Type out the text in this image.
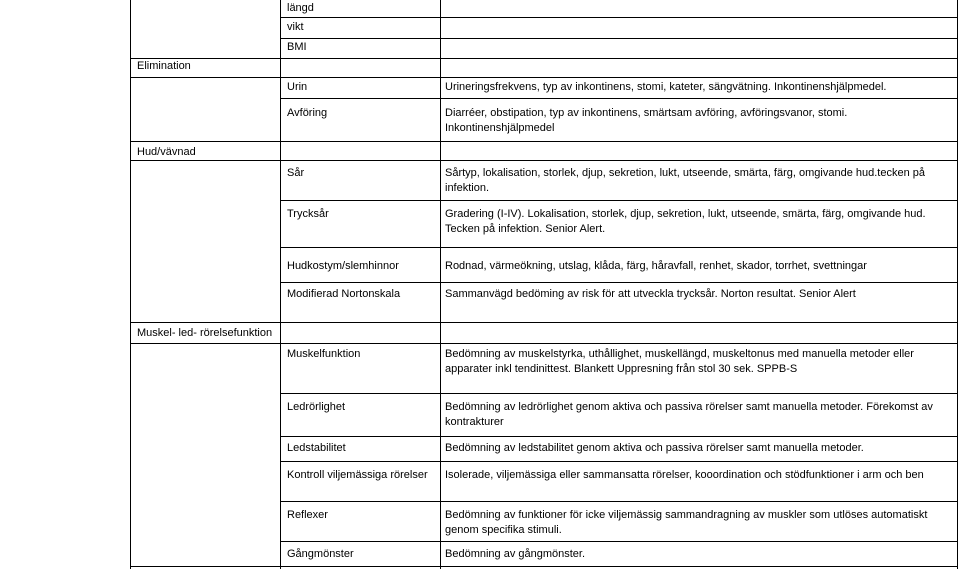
längd
vikt
BMI
Elimination
Urin	Urineringsfrekvens, typ av inkontinens, stomi, kateter, sängvätning. Inkontinenshjälpmedel.
Avföring	Diarréer, obstipation, typ av inkontinens, smärtsam avföring, avföringsvanor, stomi. Inkontinenshjälpmedel
Hud/vävnad
Sår	Sårtyp, lokalisation, storlek, djup, sekretion, lukt, utseende, smärta, färg, omgivande hud.tecken på infektion.
Trycksår	Gradering (I-IV). Lokalisation, storlek, djup, sekretion, lukt, utseende, smärta, färg, omgivande hud. Tecken på infektion. Senior Alert.
Hudkostym/slemhinnor	Rodnad, värmeökning, utslag, klåda, färg, håravfall, renhet, skador, torrhet, svettningar
Modifierad Nortonskala	Sammanvägd bedöming av risk för att utveckla trycksår. Norton resultat. Senior Alert
Muskel- led- rörelsefunktion
Muskelfunktion	Bedömning av muskelstyrka, uthållighet, muskellängd, muskeltonus med manuella metoder eller apparater inkl tendinittest. Blankett Uppresning från stol 30 sek. SPPB-S
Ledrörlighet	Bedömning av ledrörlighet genom aktiva och passiva rörelser samt manuella metoder. Förekomst av kontrakturer
Ledstabilitet	Bedömning av ledstabilitet genom aktiva och passiva rörelser samt manuella metoder.
Kontroll viljemässiga rörelser	Isolerade, viljemässiga eller sammansatta rörelser, kooordination och stödfunktioner i arm och ben
Reflexer	Bedömning av funktioner för icke viljemässig sammandragning av muskler som utlöses automatiskt genom specifika stimuli.
Gångmönster	Bedömning av gångmönster.
